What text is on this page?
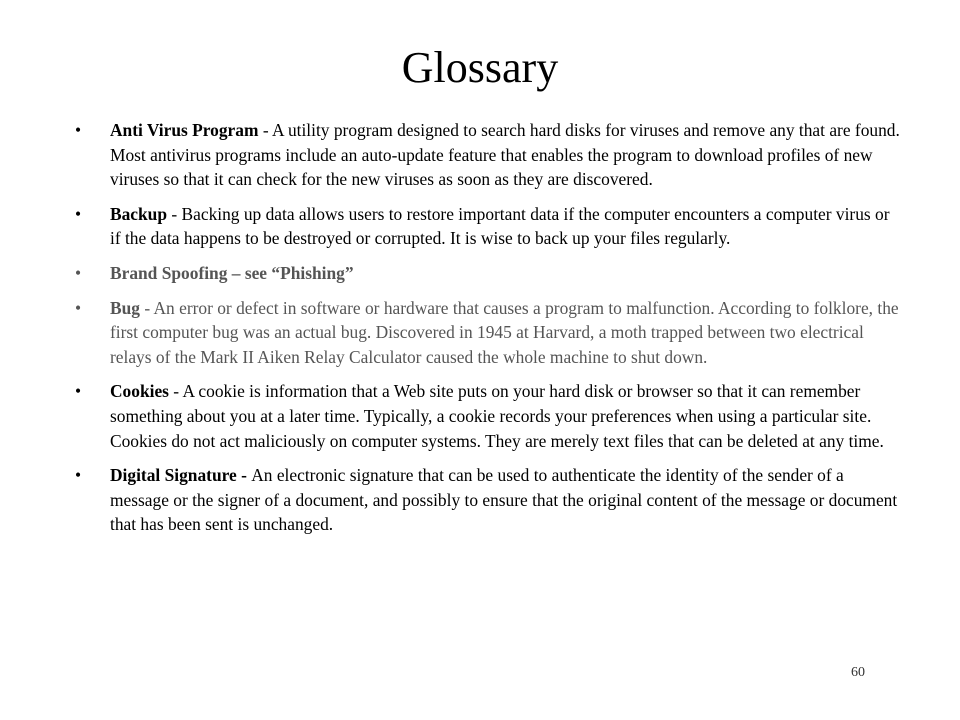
Glossary
• Anti Virus Program - A utility program designed to search hard disks for viruses and remove any that are found. Most antivirus programs include an auto-update feature that enables the program to download profiles of new viruses so that it can check for the new viruses as soon as they are discovered.
• Backup - Backing up data allows users to restore important data if the computer encounters a computer virus or if the data happens to be destroyed or corrupted. It is wise to back up your files regularly.
• Brand Spoofing – see “Phishing”
• Bug - An error or defect in software or hardware that causes a program to malfunction. According to folklore, the first computer bug was an actual bug. Discovered in 1945 at Harvard, a moth trapped between two electrical relays of the Mark II Aiken Relay Calculator caused the whole machine to shut down.
• Cookies - A cookie is information that a Web site puts on your hard disk or browser so that it can remember something about you at a later time. Typically, a cookie records your preferences when using a particular site. Cookies do not act maliciously on computer systems. They are merely text files that can be deleted at any time.
• Digital Signature - An electronic signature that can be used to authenticate the identity of the sender of a message or the signer of a document, and possibly to ensure that the original content of the message or document that has been sent is unchanged.
60
